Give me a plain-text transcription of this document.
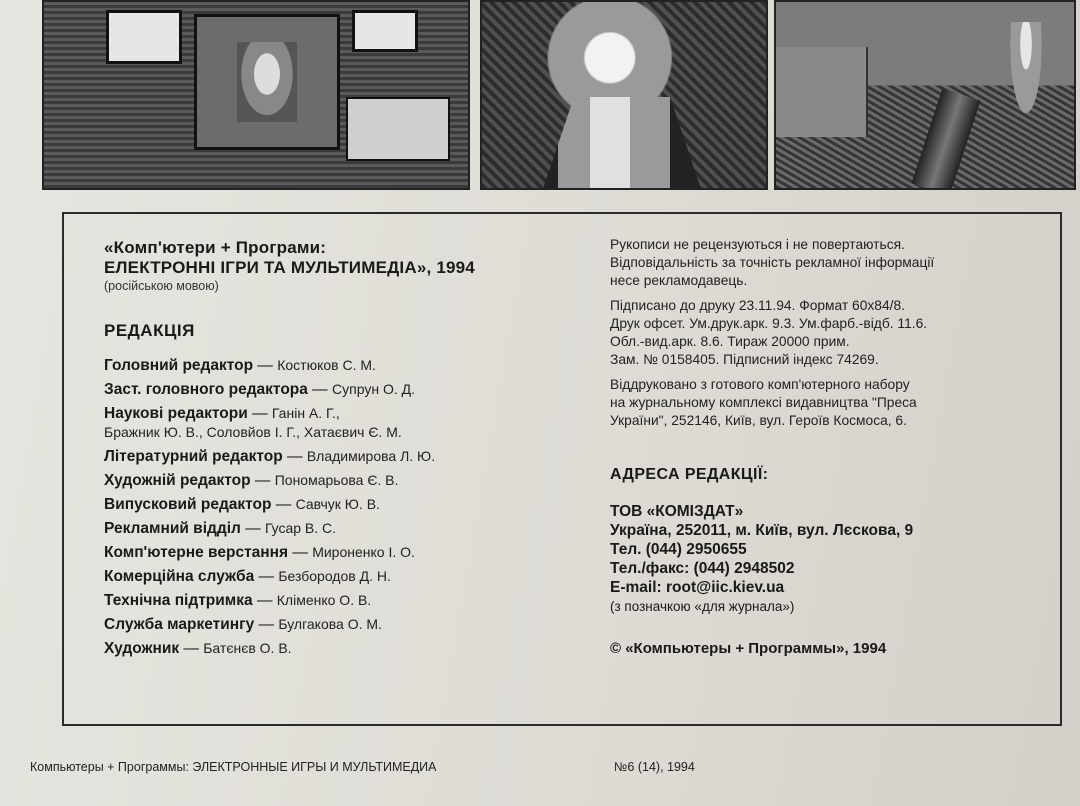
«Комп'ютери + Програми:

ЕЛЕКТРОННІ ІГРИ ТА МУЛЬТИМЕДІА», 1994

(російською мовою)

РЕДАКЦІЯ

Головний редактор — Костюков С. М.

Заст. головного редактора — Супрун О. Д.

Наукові редактори — Ганін А. Г.,

Бражник Ю. В., Соловйов І. Г., Хатаєвич Є. М.

Літературний редактор — Владимирова Л. Ю.

Художній редактор — Пономарьова Є. В.

Випусковий редактор — Савчук Ю. В.

Рекламний відділ — Гусар В. С.

Комп'ютерне верстання — Мироненко І. О.

Комерційна служба — Безбородов Д. Н.

Технічна підтримка — Кліменко О. В.

Служба маркетингу — Булгакова О. М.

Художник — Батєнєв О. В.

Рукописи не рецензуються і не повертаються.

Відповідальність за точність рекламної інформації

несе рекламодавець.

Підписано до друку 23.11.94. Формат 60х84/8.

Друк офсет. Ум.друк.арк. 9.3. Ум.фарб.-відб. 11.6.

Обл.-вид.арк. 8.6. Тираж 20000 прим.

Зам. № 0158405. Підписний індекс 74269.

Віддруковано з готового комп'ютерного набору

на журнальному комплексі видавництва "Преса

України", 252146, Київ, вул. Героїв Космоса, 6.

АДРЕСА РЕДАКЦІЇ:

ТОВ «КОМІЗДАТ»

Україна, 252011, м. Київ, вул. Лєскова, 9

Тел. (044) 2950655

Тел./факс: (044) 2948502

E-mail: root@iic.kiev.ua

(з позначкою «для журнала»)

© «Компьютеры + Программы», 1994

Компьютеры + Программы: ЭЛЕКТРОННЫЕ ИГРЫ И МУЛЬТИМЕДИА	№6 (14), 1994
